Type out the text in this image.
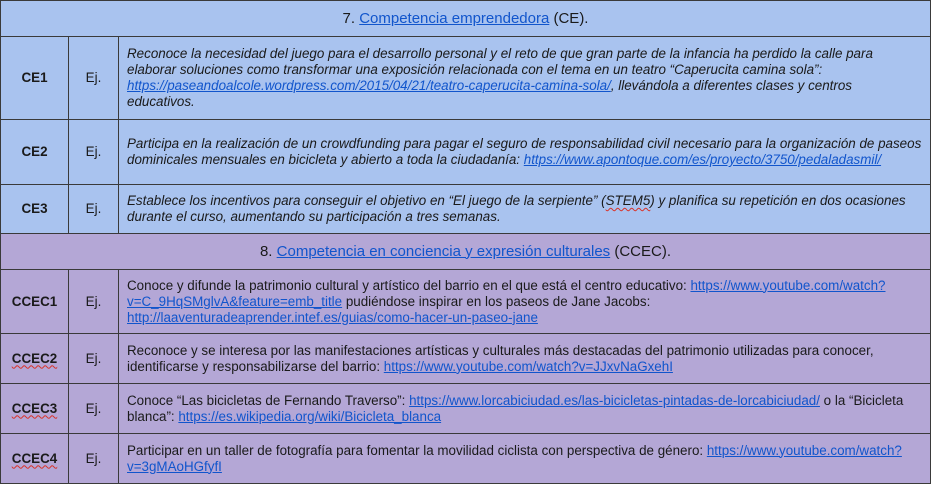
7. Competencia emprendedora (CE).		
CE1	Ej.	Reconoce la necesidad del juego para el desarrollo personal y el reto de que gran parte de la infancia ha perdido la calle para elaborar soluciones como transformar una exposición relacionada con el tema en un teatro “Caperucita camina sola”: https://paseandoalcole.wordpress.com/2015/04/21/teatro-caperucita-camina-sola/, llevándola a diferentes clases y centros educativos.
CE2	Ej.	Participa en la realización de un crowdfunding para pagar el seguro de responsabilidad civil necesario para la organización de paseos dominicales mensuales en bicicleta y abierto a toda la ciudadanía: https://www.apontoque.com/es/proyecto/3750/pedaladasmil/
CE3	Ej.	Establece los incentivos para conseguir el objetivo en “El juego de la serpiente” (STEM5) y planifica su repetición en dos ocasiones durante el curso, aumentando su participación a tres semanas.
8. Competencia en conciencia y expresión culturales (CCEC).		
CCEC1	Ej.	Conoce y difunde la patrimonio cultural y artístico del barrio en el que está el centro educativo: https://www.youtube.com/watch?v=C_9HqSMglvA&feature=emb_title pudiéndose inspirar en los paseos de Jane Jacobs: http://laaventuradeaprender.intef.es/guias/como-hacer-un-paseo-jane
CCEC2	Ej.	Reconoce y se interesa por las manifestaciones artísticas y culturales más destacadas del patrimonio utilizadas para conocer, identificarse y responsabilizarse del barrio: https://www.youtube.com/watch?v=JJxvNaGxehI
CCEC3	Ej.	Conoce “Las bicicletas de Fernando Traverso”: https://www.lorcabiciudad.es/las-bicicletas-pintadas-de-lorcabiciudad/ o la “Bicicleta blanca”: https://es.wikipedia.org/wiki/Bicicleta_blanca
CCEC4	Ej.	Participar en un taller de fotografía para fomentar la movilidad ciclista con perspectiva de género: https://www.youtube.com/watch?v=3gMAoHGfyfI
